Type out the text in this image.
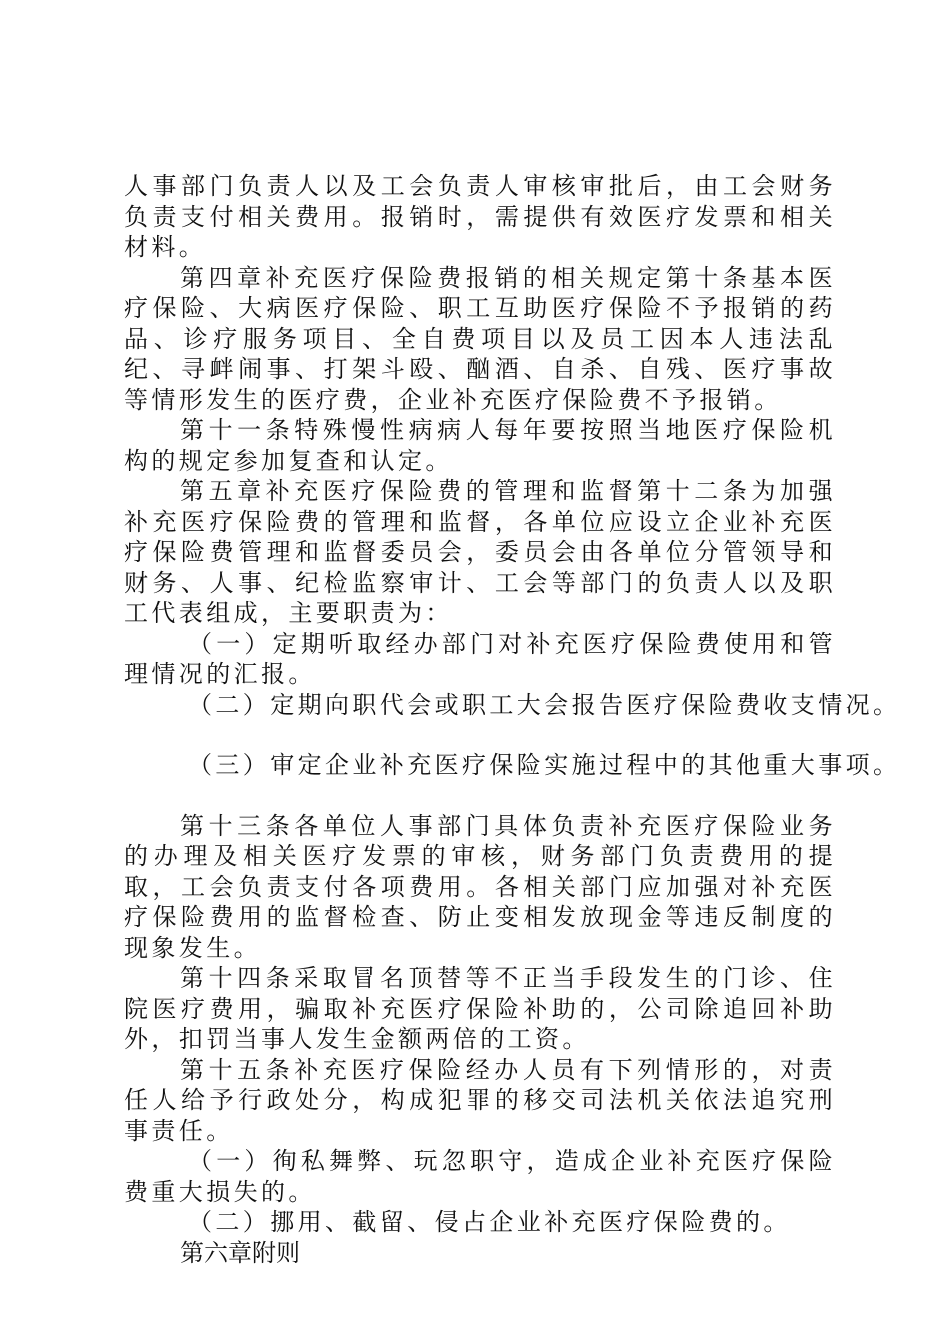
人事部门负责人以及工会负责人审核审批后，由工会财务负责支付相关费用。报销时，需提供有效医疗发票和相关材料。

第四章补充医疗保险费报销的相关规定第十条基本医疗保险、大病医疗保险、职工互助医疗保险不予报销的药品、诊疗服务项目、全自费项目以及员工因本人违法乱纪、寻衅闹事、打架斗殴、酗酒、自杀、自残、医疗事故等情形发生的医疗费，企业补充医疗保险费不予报销。

第十一条特殊慢性病病人每年要按照当地医疗保险机构的规定参加复查和认定。

第五章补充医疗保险费的管理和监督第十二条为加强补充医疗保险费的管理和监督，各单位应设立企业补充医疗保险费管理和监督委员会，委员会由各单位分管领导和财务、人事、纪检监察审计、工会等部门的负责人以及职工代表组成，主要职责为：

（一）定期听取经办部门对补充医疗保险费使用和管理情况的汇报。

（二）定期向职代会或职工大会报告医疗保险费收支情况。

（三）审定企业补充医疗保险实施过程中的其他重大事项。

第十三条各单位人事部门具体负责补充医疗保险业务的办理及相关医疗发票的审核，财务部门负责费用的提取，工会负责支付各项费用。各相关部门应加强对补充医疗保险费用的监督检查、防止变相发放现金等违反制度的现象发生。

第十四条采取冒名顶替等不正当手段发生的门诊、住院医疗费用，骗取补充医疗保险补助的，公司除追回补助外，扣罚当事人发生金额两倍的工资。

第十五条补充医疗保险经办人员有下列情形的，对责任人给予行政处分，构成犯罪的移交司法机关依法追究刑事责任。

（一）徇私舞弊、玩忽职守，造成企业补充医疗保险费重大损失的。

（二）挪用、截留、侵占企业补充医疗保险费的。

第六章附则
